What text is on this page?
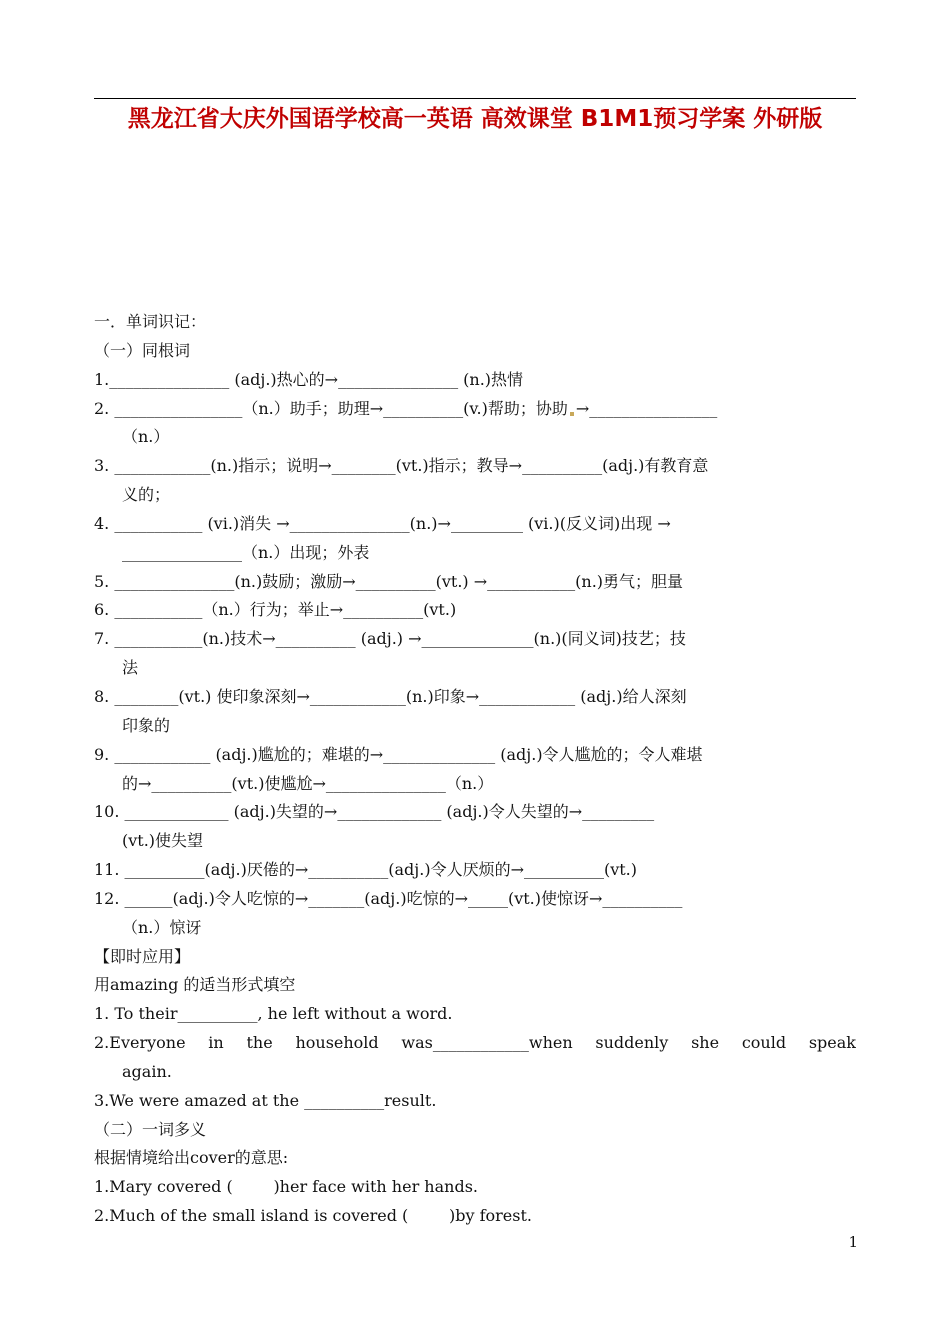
黑龙江省大庆外国语学校高一英语 高效课堂 B1M1预习学案 外研版
一．单词识记：
（一）同根词
1._______________ (adj.)热心的→_______________ (n.)热情
2. ________________（n.）助手；助理→__________(v.)帮助；协助 →________________
（n.）
3. ____________(n.)指示；说明→________(vt.)指示；教导→__________(adj.)有教育意
义的；
4. ___________ (vi.)消失 →_______________(n.)→_________ (vi.)(反义词)出现 →
_______________（n.）出现；外表
5. _______________(n.)鼓励；激励→__________(vt.) →___________(n.)勇气；胆量
6. ___________（n.）行为；举止→__________(vt.)
7. ___________(n.)技术→__________ (adj.) →______________(n.)(同义词)技艺；技
法
8. ________(vt.) 使印象深刻→____________(n.)印象→____________ (adj.)给人深刻
印象的
9. ____________ (adj.)尴尬的；难堪的→______________ (adj.)令人尴尬的；令人难堪
的→__________(vt.)使尴尬→_______________（n.）
10. _____________ (adj.)失望的→_____________ (adj.)令人失望的→_________
(vt.)使失望
11. __________(adj.)厌倦的→__________(adj.)令人厌烦的→__________(vt.)
12. ______(adj.)令人吃惊的→_______(adj.)吃惊的→_____(vt.)使惊讶→__________
（n.）惊讶
【即时应用】
用amazing 的适当形式填空
1. To their__________, he left without a word.
2.Everyone in the household was____________when suddenly she could speak
again.
3.We were amazed at the __________result.
（二）一词多义
根据情境给出cover的意思:
1.Mary covered (        )her face with her hands.
2.Much of the small island is covered (        )by forest.
1
